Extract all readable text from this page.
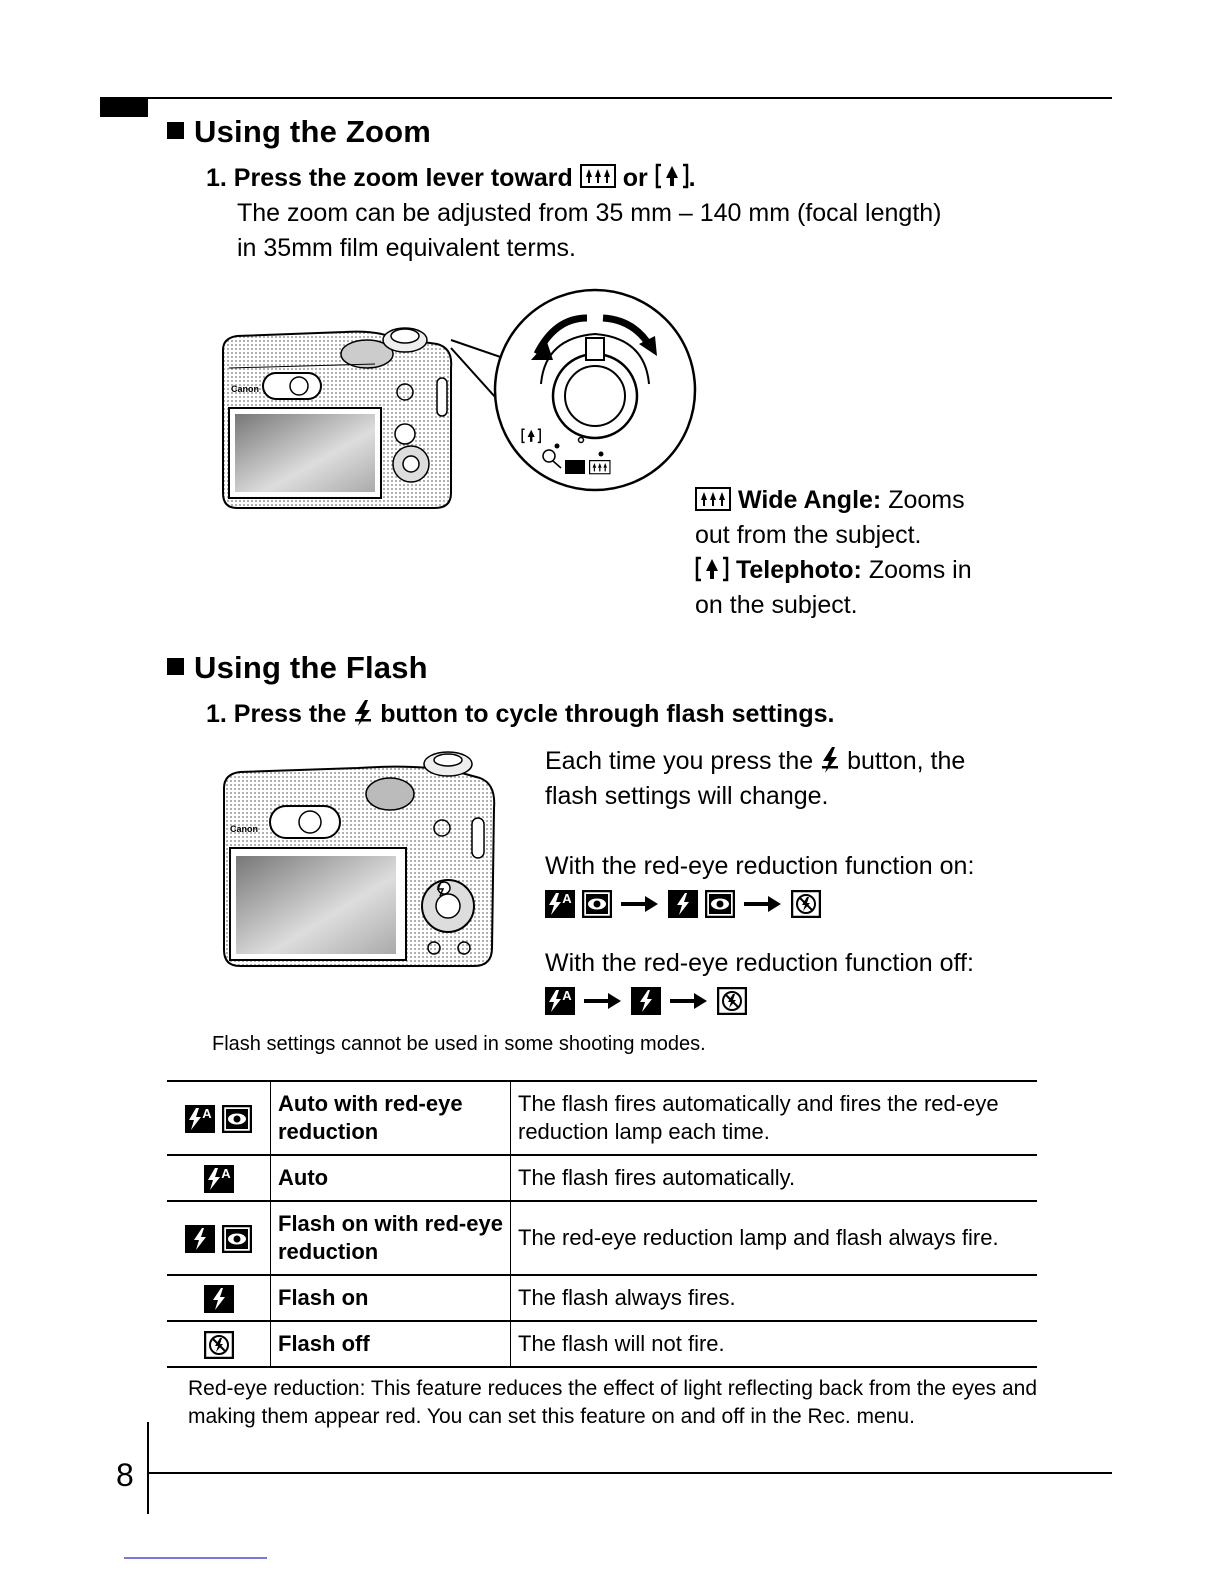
Using the Zoom
1. Press the zoom lever toward or .
The zoom can be adjusted from 35 mm – 140 mm (focal length)
in 35mm film equivalent terms.
Canon
Wide Angle: Zooms
out from the subject.
Telephoto: Zooms in
on the subject.
Using the Flash
1. Press the button to cycle through flash settings.
Canon
Each time you press the button, the
flash settings will change.
With the red-eye reduction function on:

With the red-eye reduction function off:

Flash settings cannot be used in some shooting modes.
	Auto with red-eye reduction	The flash fires automatically and fires the red-eye reduction lamp each time.
	Auto	The flash fires automatically.
	Flash on with red-eye reduction	The red-eye reduction lamp and flash always fire.
	Flash on	The flash always fires.
	Flash off	The flash will not fire.
Red-eye reduction: This feature reduces the effect of light reflecting back from the eyes and making them appear red. You can set this feature on and off in the Rec. menu.
8
